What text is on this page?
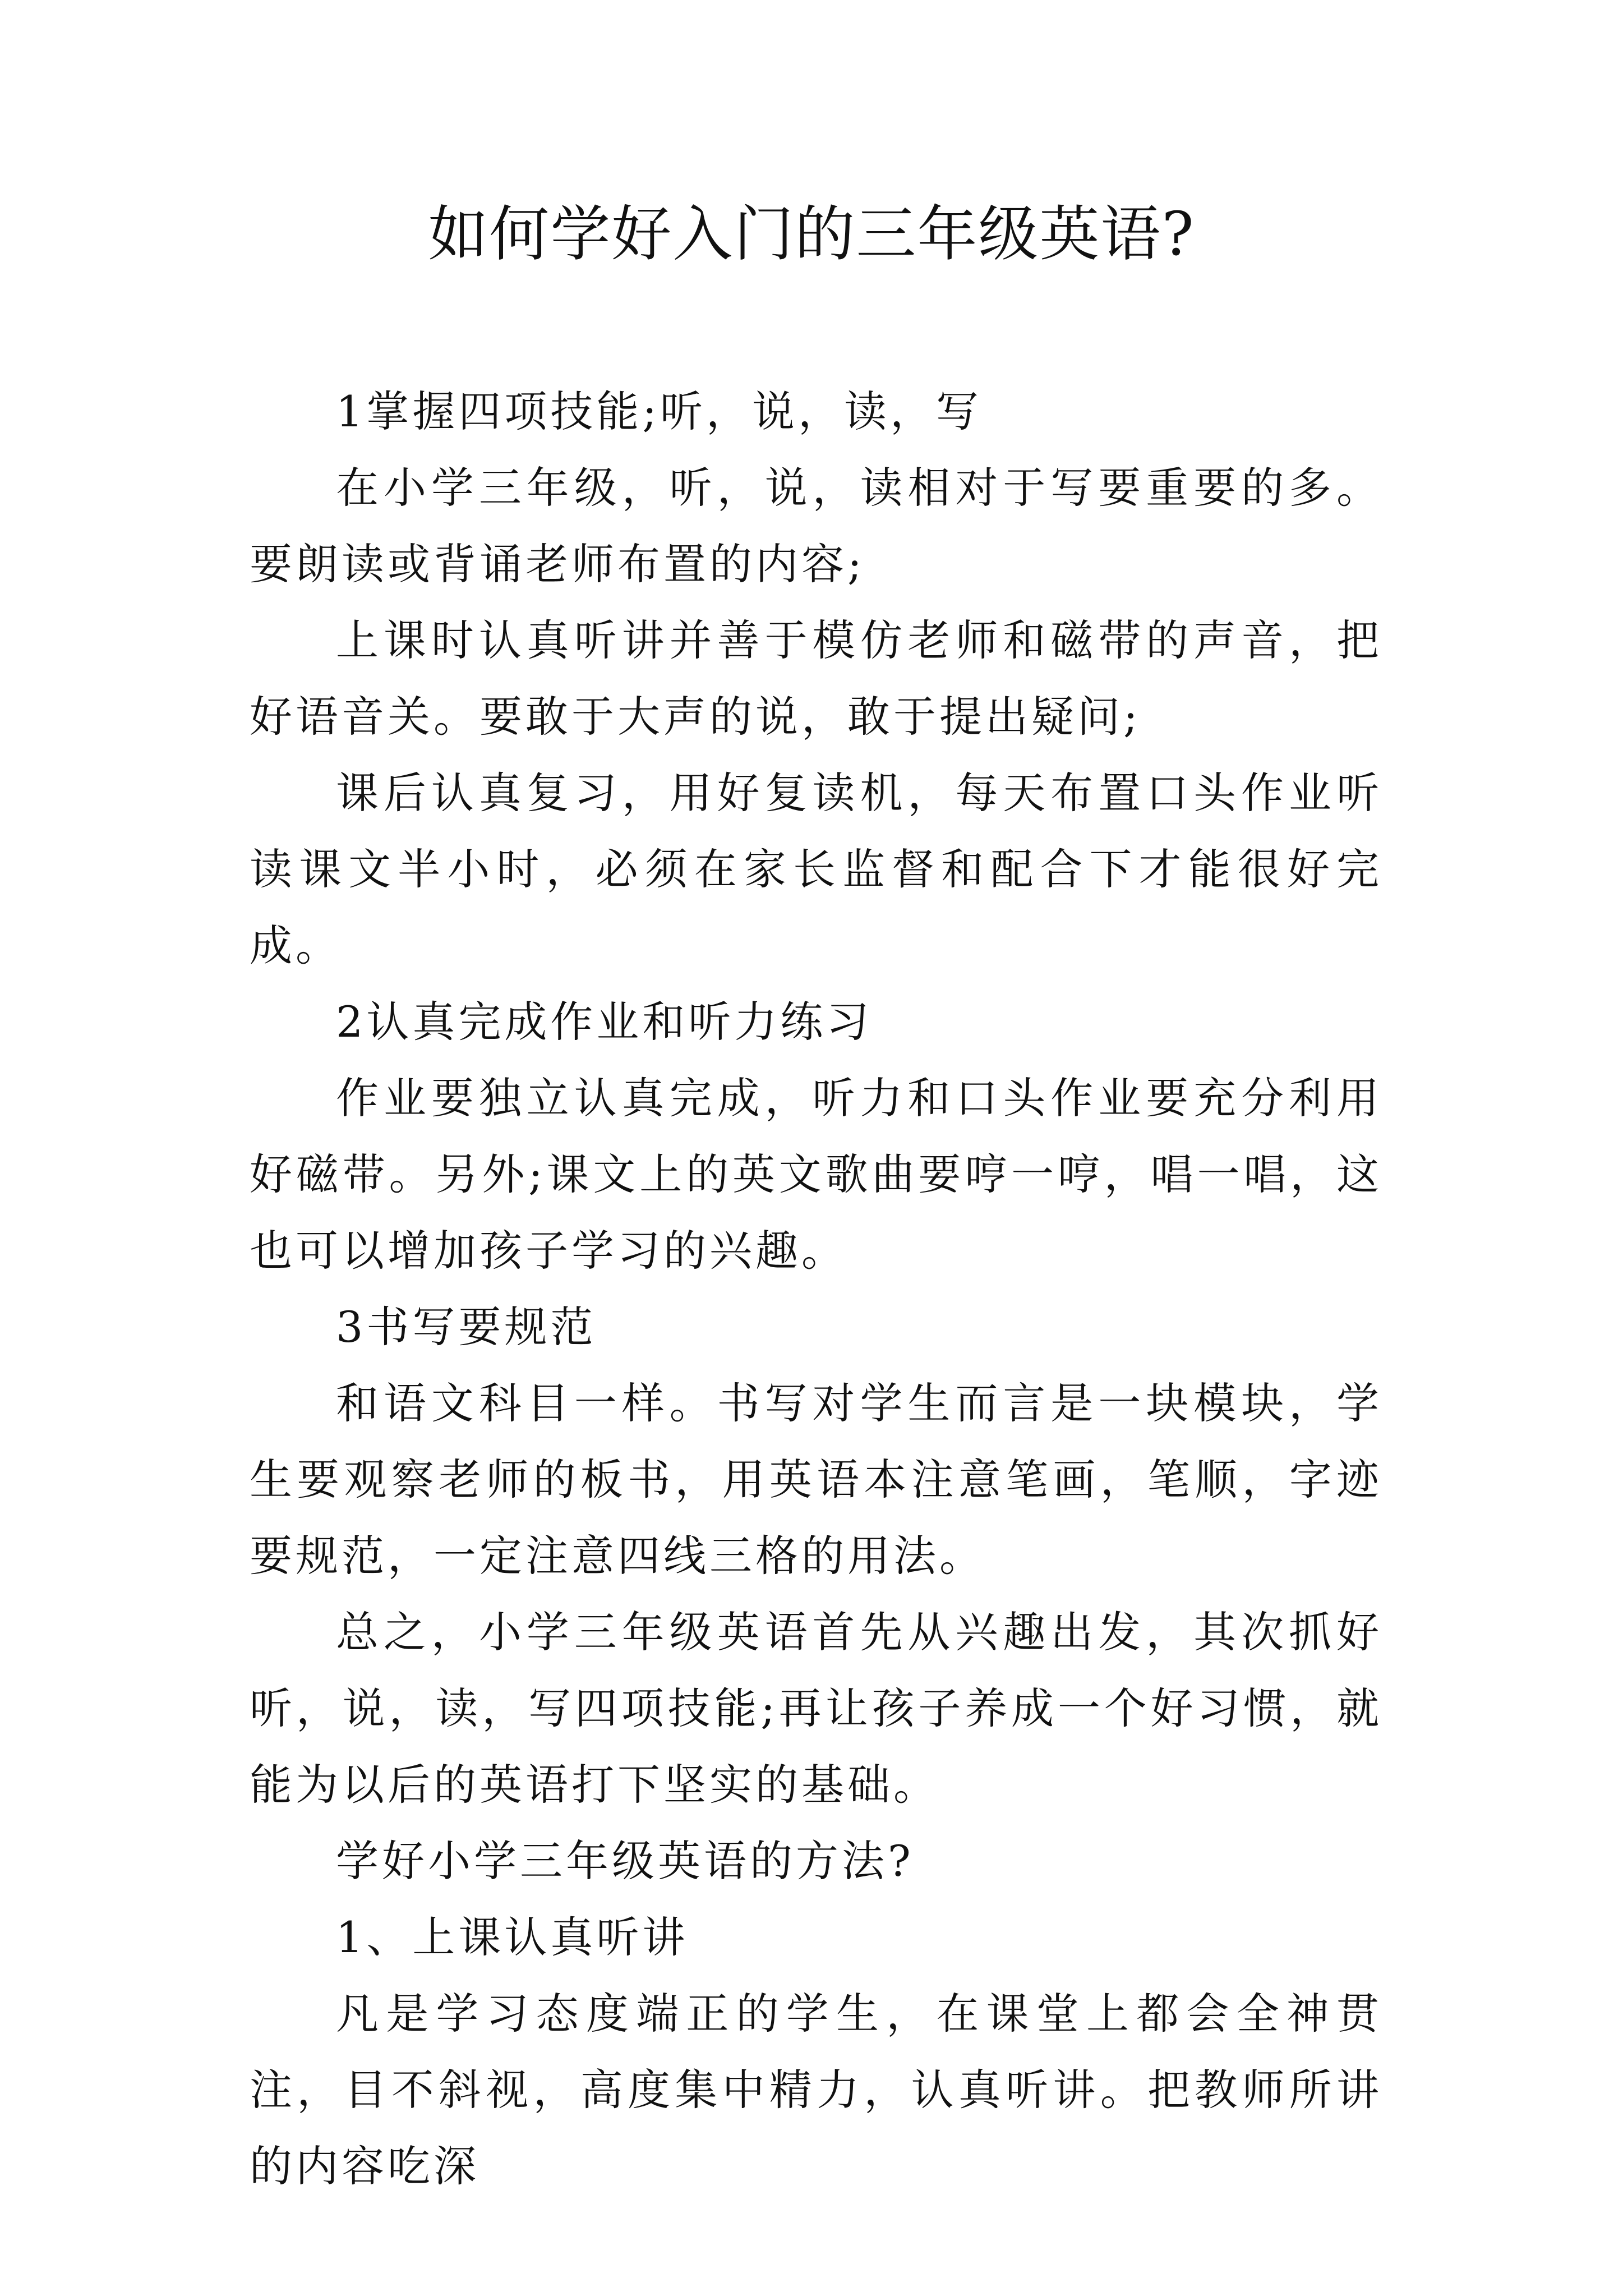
如何学好入门的三年级英语?

1掌握四项技能;听，说，读，写

在小学三年级，听，说，读相对于写要重要的多。要朗读或背诵老师布置的内容;

上课时认真听讲并善于模仿老师和磁带的声音，把好语音关。要敢于大声的说，敢于提出疑问;

课后认真复习，用好复读机，每天布置口头作业听读课文半小时，必须在家长监督和配合下才能很好完成。

2认真完成作业和听力练习

作业要独立认真完成，听力和口头作业要充分利用好磁带。另外;课文上的英文歌曲要哼一哼，唱一唱，这也可以增加孩子学习的兴趣。

3书写要规范

和语文科目一样。书写对学生而言是一块模块，学生要观察老师的板书，用英语本注意笔画，笔顺，字迹要规范，一定注意四线三格的用法。

总之，小学三年级英语首先从兴趣出发，其次抓好听，说，读，写四项技能;再让孩子养成一个好习惯，就能为以后的英语打下坚实的基础。

学好小学三年级英语的方法?

1、上课认真听讲

凡是学习态度端正的学生，在课堂上都会全神贯注，目不斜视，高度集中精力，认真听讲。把教师所讲的内容吃深
